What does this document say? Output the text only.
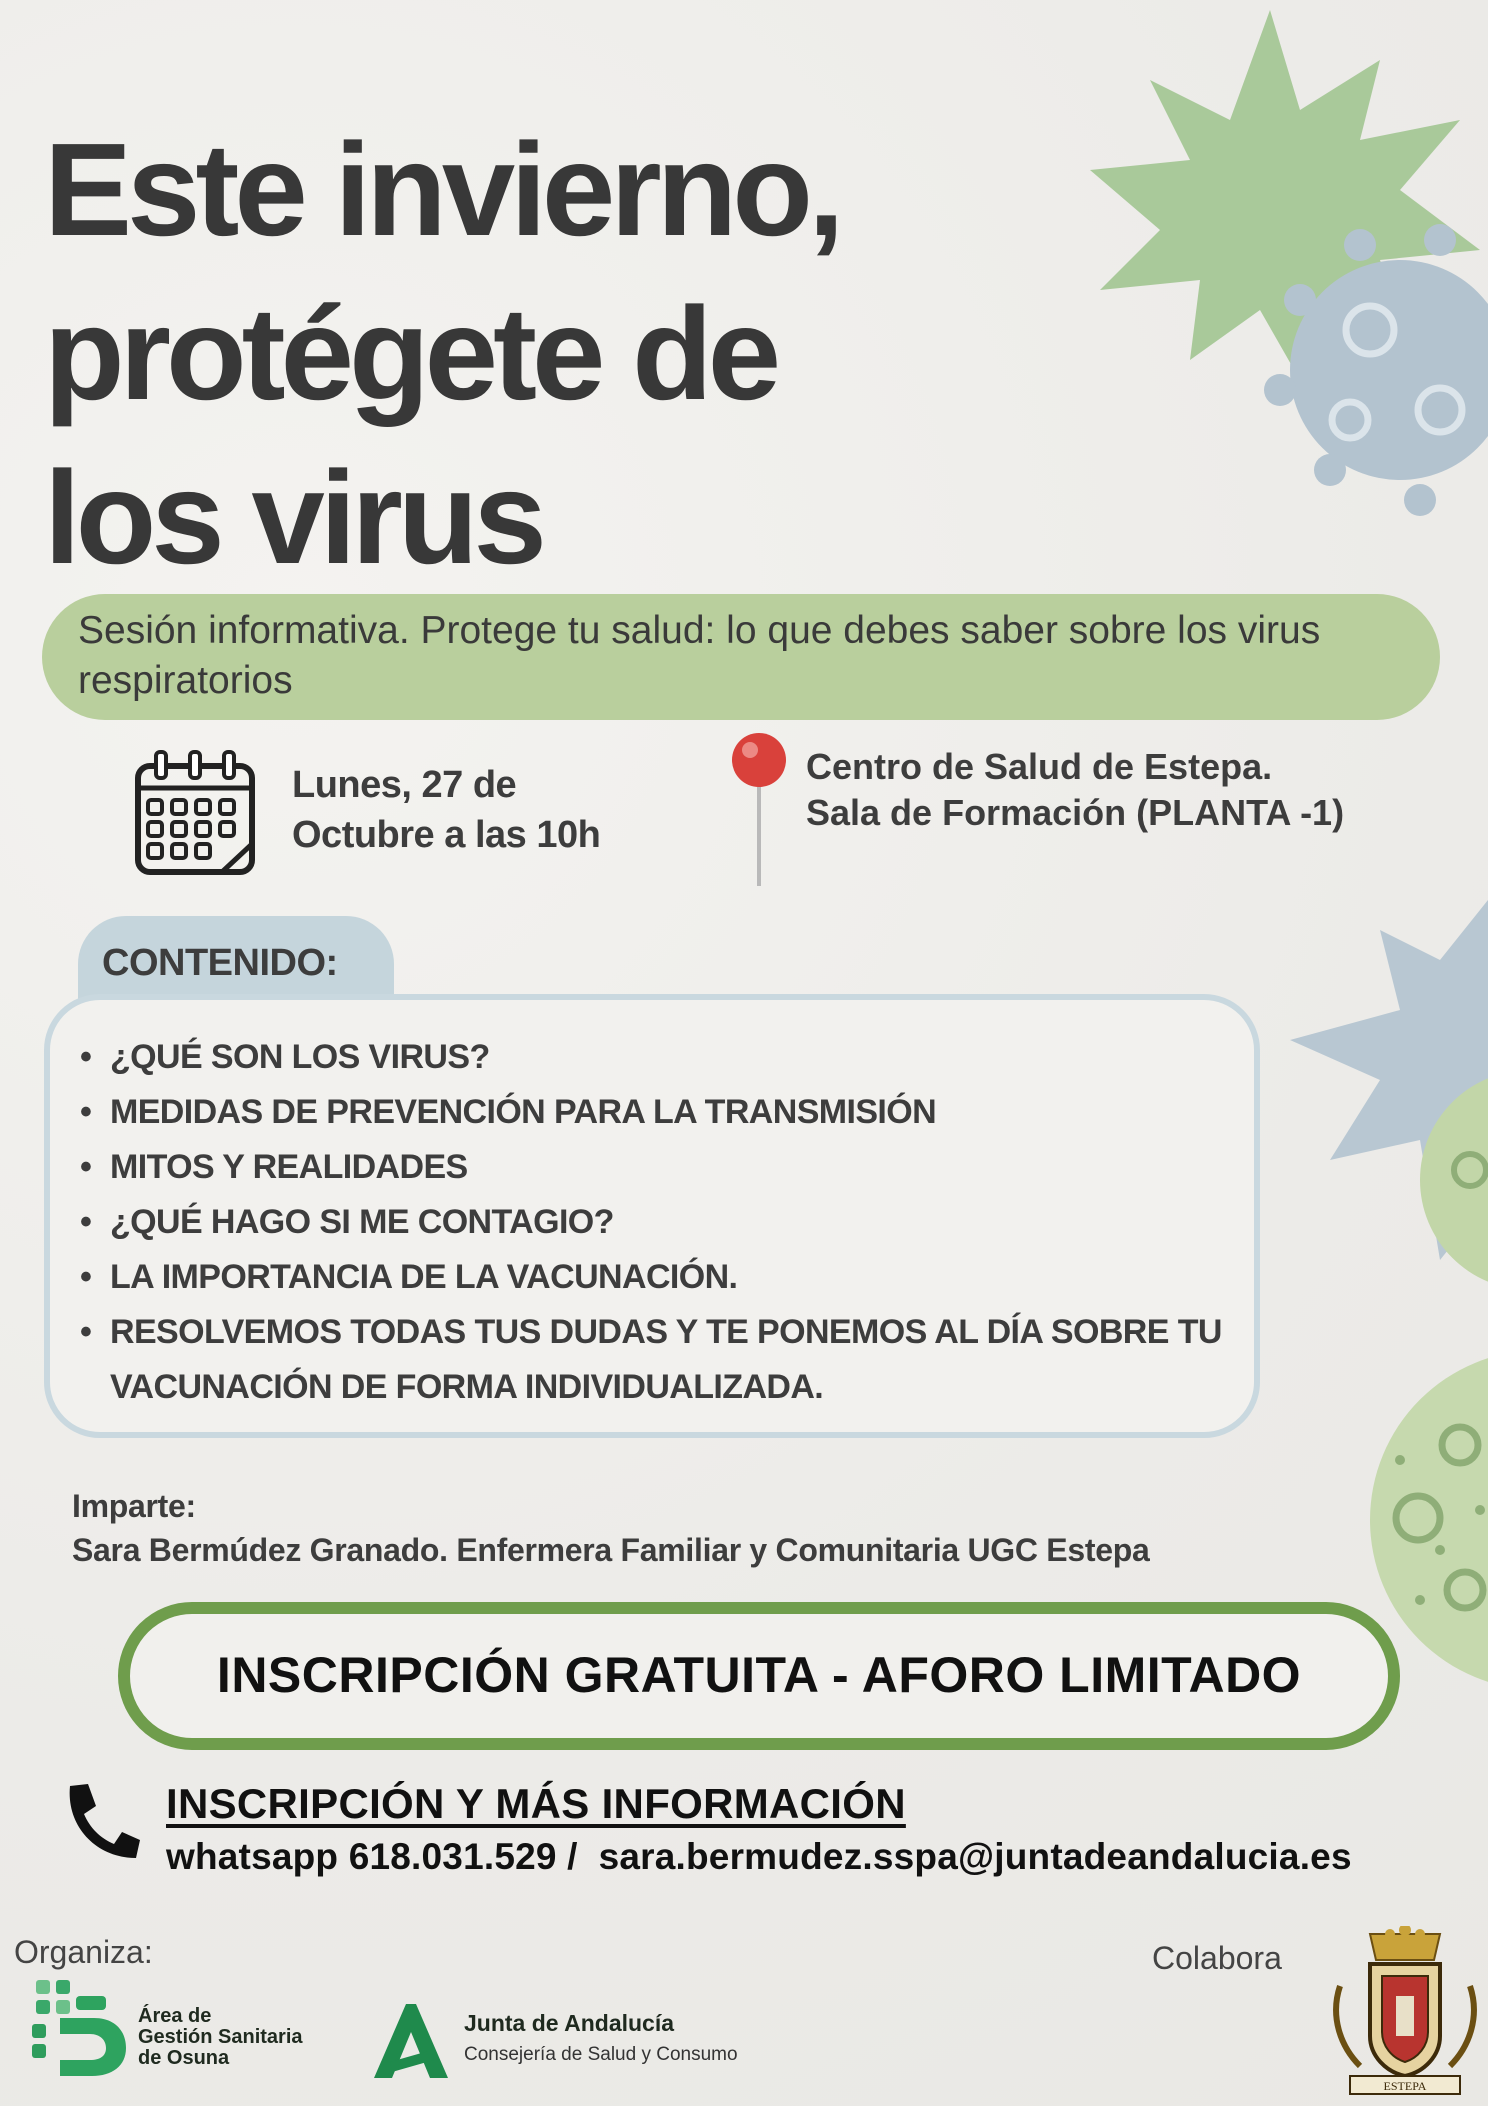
Este invierno,
protégete de
los virus
Sesión informativa. Protege tu salud: lo que debes saber sobre los virus respiratorios
Lunes, 27 de
Octubre a las 10h
Centro de Salud de Estepa.
Sala de Formación (PLANTA -1)
CONTENIDO:
• ¿QUÉ SON LOS VIRUS?
• MEDIDAS DE PREVENCIÓN PARA LA TRANSMISIÓN
• MITOS Y REALIDADES
• ¿QUÉ HAGO SI ME CONTAGIO?
• LA IMPORTANCIA DE LA VACUNACIÓN.
• RESOLVEMOS TODAS TUS DUDAS Y TE PONEMOS AL DÍA SOBRE TU VACUNACIÓN DE FORMA INDIVIDUALIZADA.
Imparte:
Sara Bermúdez Granado. Enfermera Familiar y Comunitaria UGC Estepa
INSCRIPCIÓN GRATUITA - AFORO LIMITADO
INSCRIPCIÓN Y MÁS INFORMACIÓN
whatsapp 618.031.529 /  sara.bermudez.sspa@juntadeandalucia.es
Organiza:	Colabora
Área de
Gestión Sanitaria
de Osuna
Junta de Andalucía
Consejería de Salud y Consumo
ESTEPA
